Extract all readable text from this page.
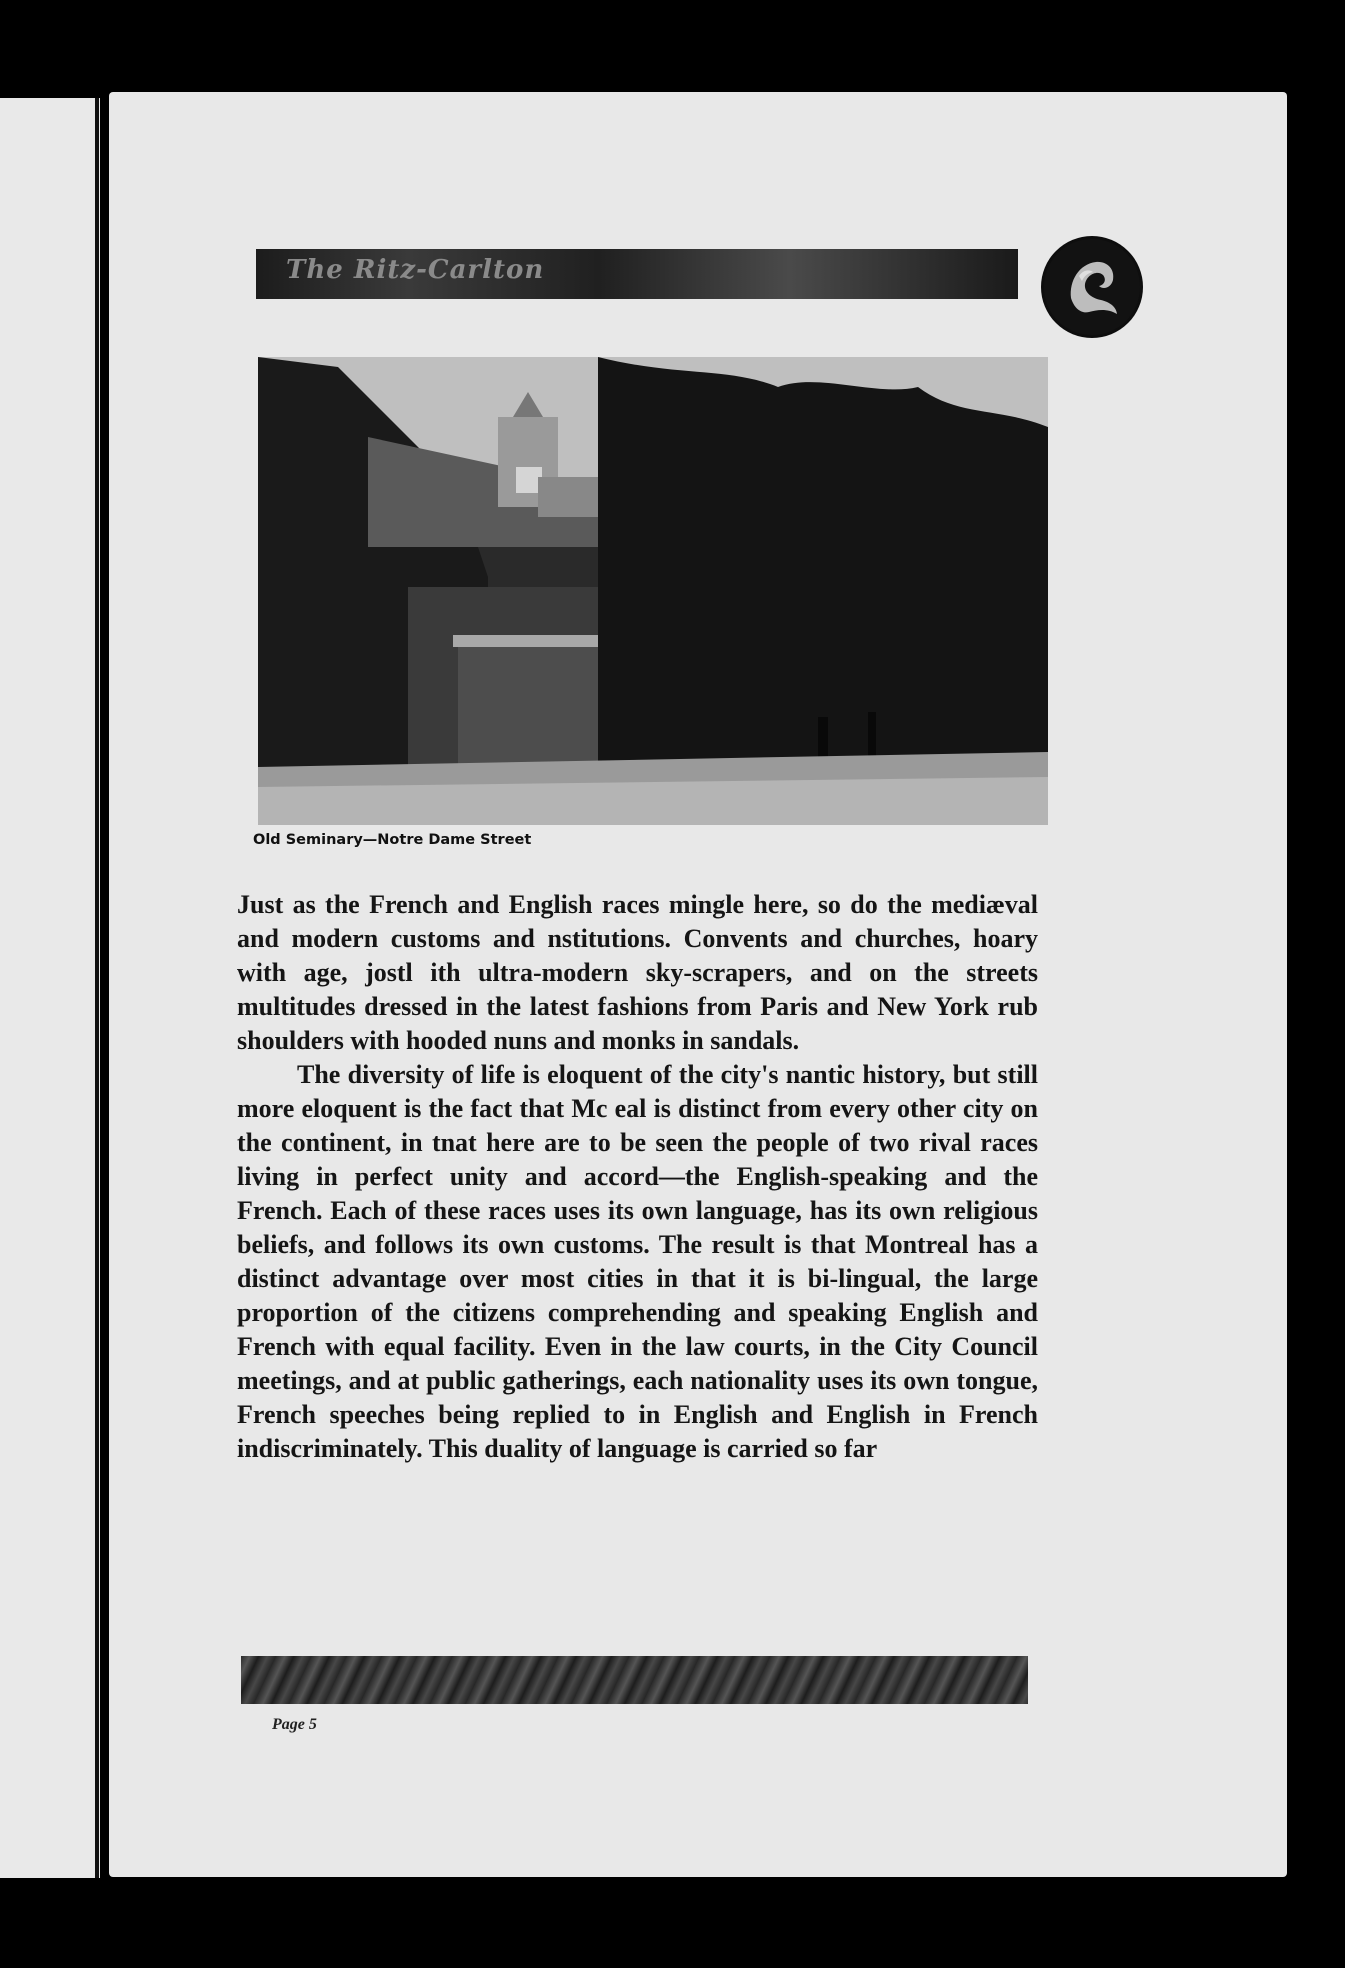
The Ritz-Carlton
Old Seminary—Notre Dame Street

Just as the French and English races mingle here, so do the mediæval and modern customs and nstitutions. Convents and churches, hoary with age, jostl ith ultra-modern sky-scrapers, and on the streets multitudes dressed in the latest fashions from Paris and New York rub shoulders with hooded nuns and monks in sandals.

The diversity of life is eloquent of the city's nantic history, but still more eloquent is the fact that Mc eal is distinct from every other city on the continent, in tnat here are to be seen the people of two rival races living in perfect unity and accord—the English-speaking and the French. Each of these races uses its own language, has its own religious beliefs, and follows its own customs. The result is that Montreal has a distinct advantage over most cities in that it is bi-lingual, the large proportion of the citizens comprehending and speaking English and French with equal facility. Even in the law courts, in the City Council meetings, and at public gatherings, each nationality uses its own tongue, French speeches being replied to in English and English in French indiscriminately. This duality of language is carried so far

Page 5
